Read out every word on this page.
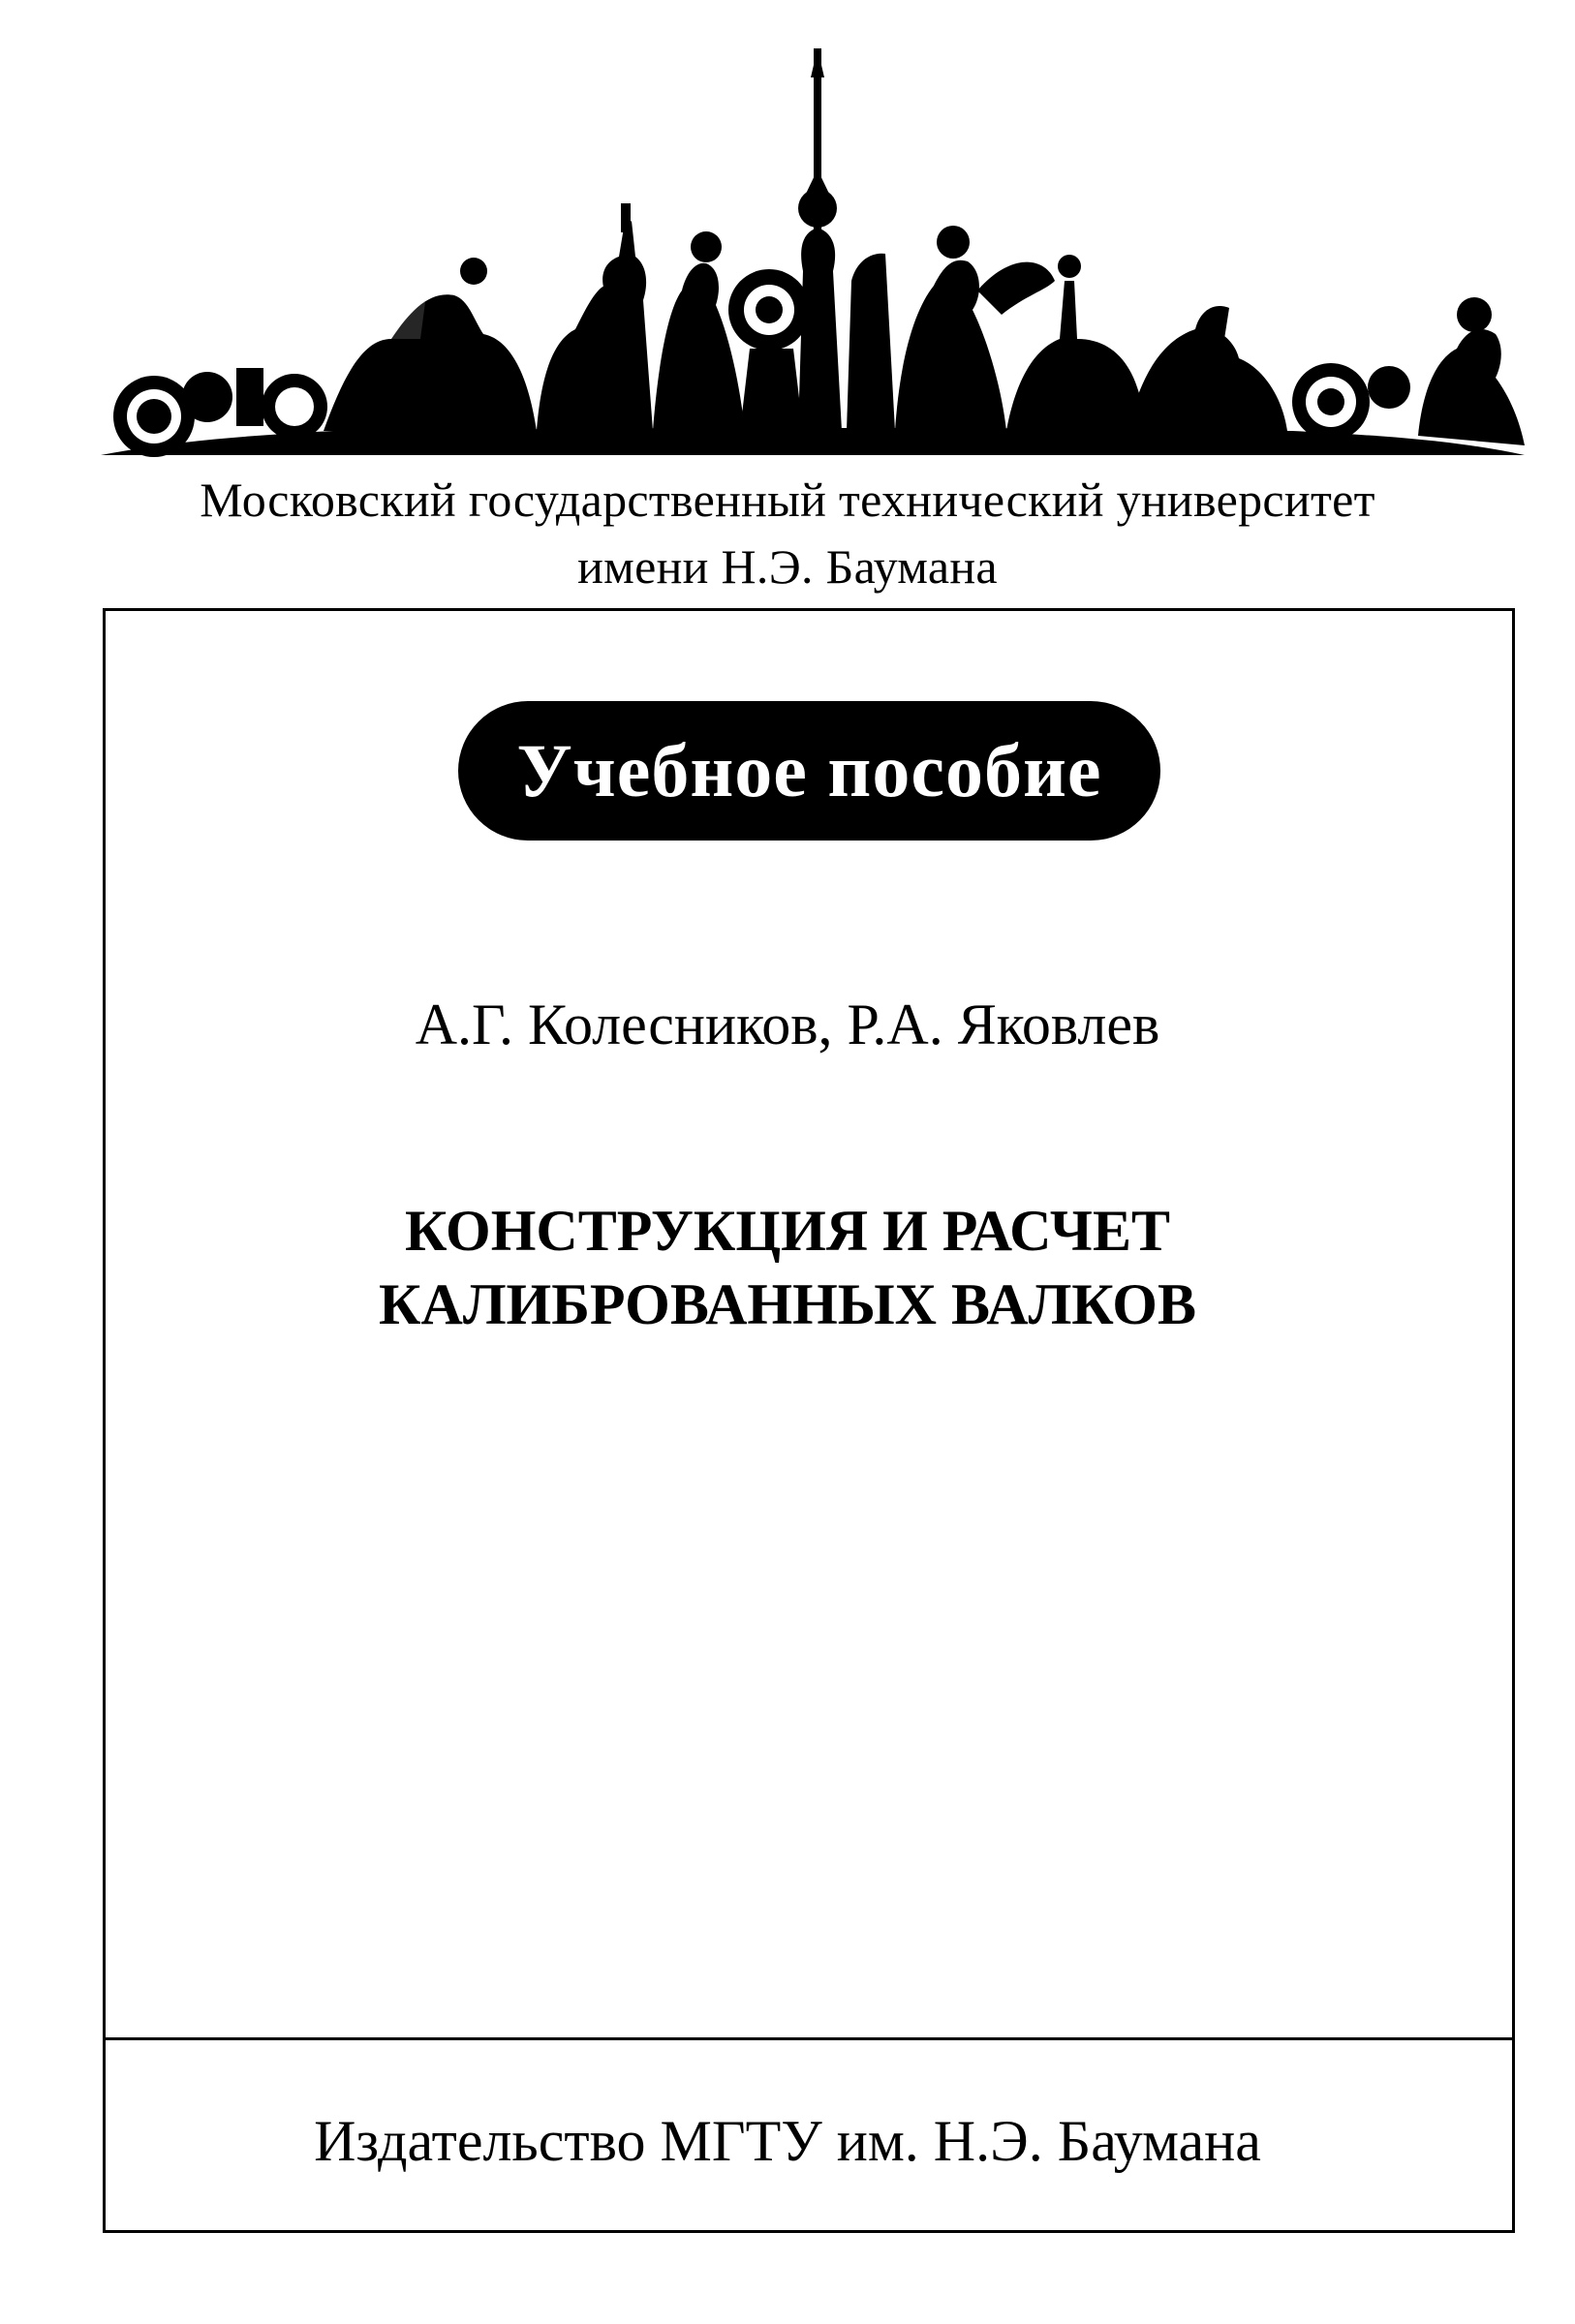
Московский государственный технический университет
имени Н.Э. Баумана
Учебное пособие
А.Г. Колесников, Р.А. Яковлев
КОНСТРУКЦИЯ И РАСЧЕТ
КАЛИБРОВАННЫХ ВАЛКОВ
Издательство МГТУ им. Н.Э. Баумана
